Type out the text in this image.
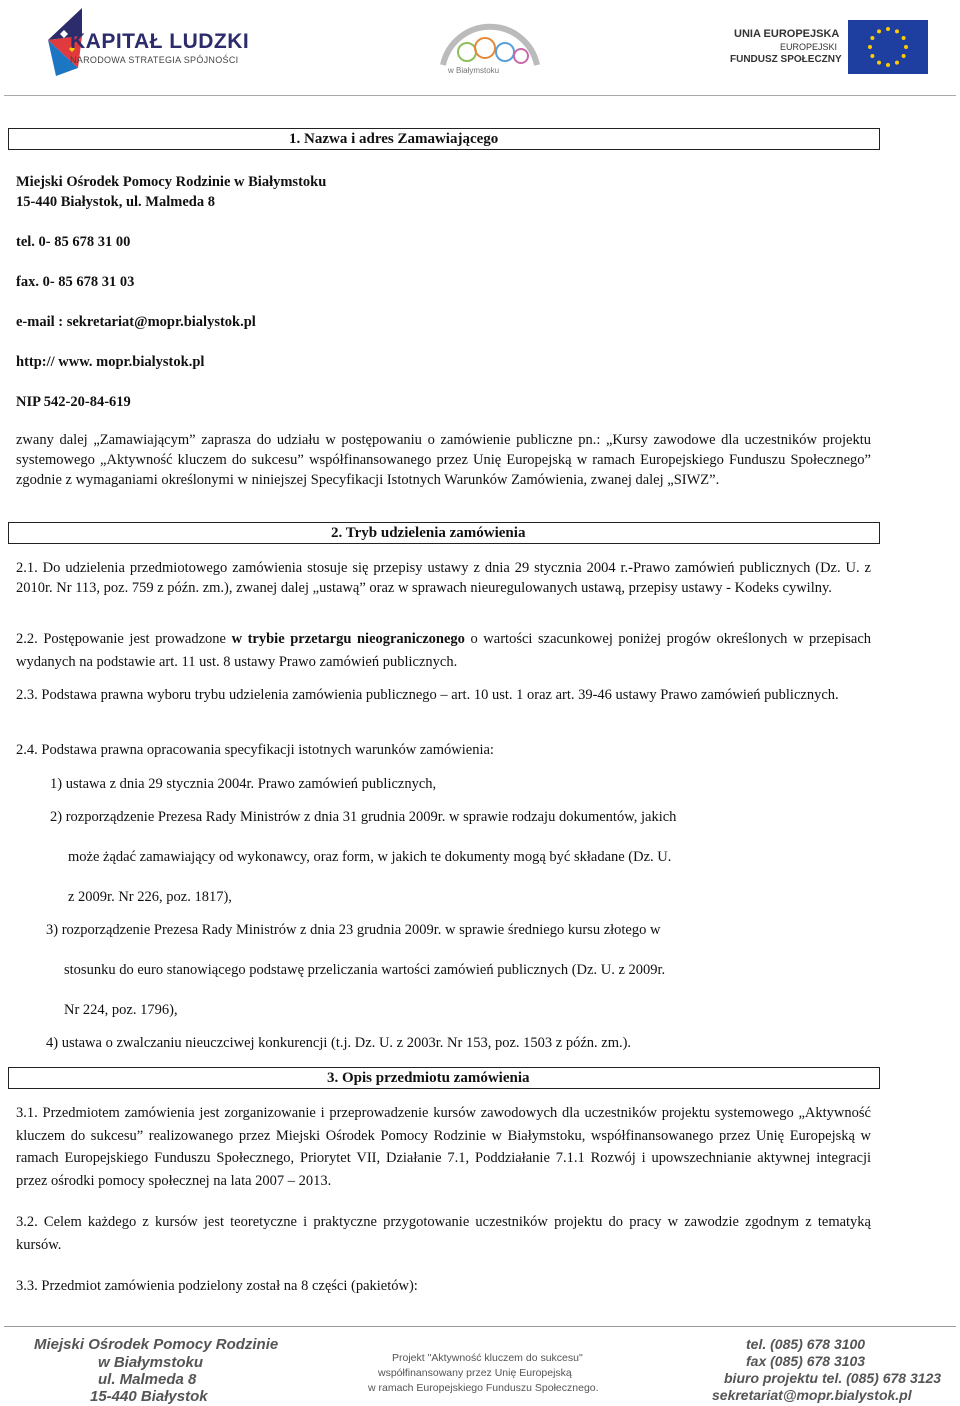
KAPITAŁ LUDZKI
NARODOWA STRATEGIA SPÓJNOŚCI
w Białymstoku
UNIA EUROPEJSKA
EUROPEJSKI
FUNDUSZ SPOŁECZNY
1. Nazwa i adres Zamawiającego
Miejski Ośrodek Pomocy Rodzinie w Białymstoku
15-440 Białystok, ul. Malmeda 8
tel. 0- 85 678 31 00
fax. 0- 85 678 31 03
e-mail : sekretariat@mopr.bialystok.pl
http:// www. mopr.bialystok.pl
NIP 542-20-84-619
zwany dalej „Zamawiającym” zaprasza do udziału w postępowaniu o zamówienie publiczne pn.: „Kursy zawodowe dla uczestników projektu systemowego „Aktywność kluczem do sukcesu” współfinansowanego przez Unię Europejską w ramach Europejskiego Funduszu Społecznego” zgodnie z wymaganiami określonymi w niniejszej Specyfikacji Istotnych Warunków Zamówienia, zwanej dalej „SIWZ”.
2. Tryb udzielenia zamówienia
2.1. Do udzielenia przedmiotowego zamówienia stosuje się przepisy ustawy z dnia 29 stycznia 2004 r.-Prawo zamówień publicznych (Dz. U. z 2010r. Nr 113, poz. 759 z późn. zm.), zwanej dalej „ustawą” oraz w sprawach nieuregulowanych ustawą, przepisy ustawy - Kodeks cywilny.
2.2. Postępowanie jest prowadzone w trybie przetargu nieograniczonego o wartości szacunkowej poniżej progów określonych w przepisach wydanych na podstawie art. 11 ust. 8 ustawy Prawo zamówień publicznych.
2.3. Podstawa prawna wyboru trybu udzielenia zamówienia publicznego – art. 10 ust. 1 oraz art. 39-46 ustawy Prawo zamówień publicznych.
2.4. Podstawa prawna opracowania specyfikacji istotnych warunków zamówienia:
1) ustawa z dnia 29 stycznia 2004r. Prawo zamówień publicznych,
2) rozporządzenie Prezesa Rady Ministrów z dnia 31 grudnia 2009r. w sprawie rodzaju dokumentów, jakich
może żądać zamawiający od wykonawcy, oraz form, w jakich te dokumenty mogą być składane (Dz. U.
z 2009r. Nr 226, poz. 1817),
3) rozporządzenie Prezesa Rady Ministrów z dnia 23 grudnia 2009r. w sprawie średniego kursu złotego w
stosunku do euro stanowiącego podstawę przeliczania wartości zamówień publicznych (Dz. U. z 2009r.
Nr 224, poz. 1796),
4) ustawa o zwalczaniu nieuczciwej konkurencji (t.j. Dz. U. z 2003r. Nr 153, poz. 1503 z późn. zm.).
3. Opis przedmiotu zamówienia
3.1. Przedmiotem zamówienia jest zorganizowanie i przeprowadzenie kursów zawodowych dla uczestników projektu systemowego „Aktywność kluczem do sukcesu” realizowanego przez Miejski Ośrodek Pomocy Rodzinie w Białymstoku, współfinansowanego przez Unię Europejską w ramach Europejskiego Funduszu Społecznego, Priorytet VII, Działanie 7.1, Poddziałanie 7.1.1 Rozwój i upowszechnianie aktywnej integracji przez ośrodki pomocy społecznej na lata 2007 – 2013.
3.2. Celem każdego z kursów jest teoretyczne i praktyczne przygotowanie uczestników projektu do pracy w zawodzie zgodnym z tematyką kursów.
3.3. Przedmiot zamówienia podzielony został na 8 części (pakietów):
Miejski Ośrodek Pomocy Rodzinie
w Białymstoku
ul. Malmeda 8
15-440 Białystok
Projekt "Aktywność kluczem do sukcesu"
współfinansowany przez Unię Europejską
w ramach Europejskiego Funduszu Społecznego.
tel. (085) 678 3100
fax (085) 678 3103
biuro projektu tel. (085) 678 3123
sekretariat@mopr.bialystok.pl
